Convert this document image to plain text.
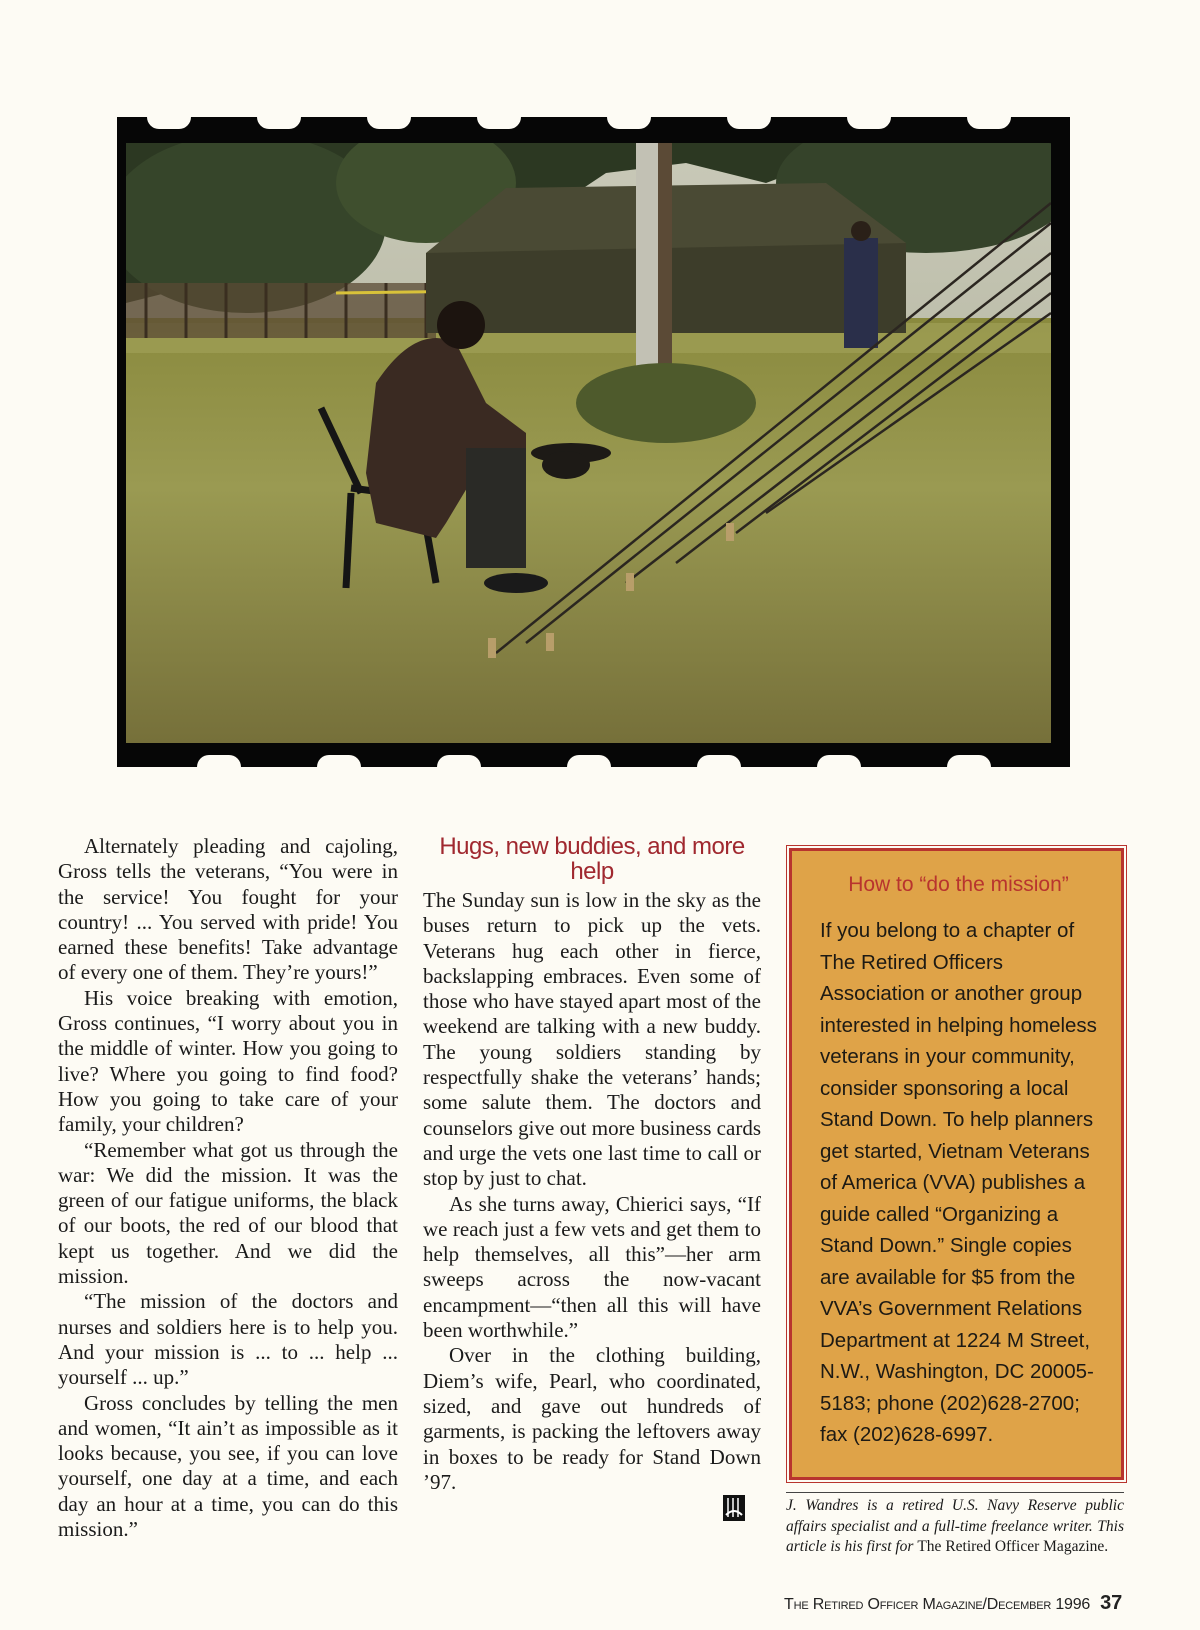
Alternately pleading and cajoling, Gross tells the veterans, “You were in the service! You fought for your country! ... You served with pride! You earned these benefits! Take advantage of every one of them. They’re yours!”

His voice breaking with emotion, Gross continues, “I worry about you in the middle of winter. How you going to live? Where you going to find food? How you going to take care of your family, your children?

“Remember what got us through the war: We did the mission. It was the green of our fatigue uniforms, the black of our boots, the red of our blood that kept us together. And we did the mission.

“The mission of the doctors and nurses and soldiers here is to help you. And your mission is ... to ... help ... yourself ... up.”

Gross concludes by telling the men and women, “It ain’t as impossible as it looks because, you see, if you can love yourself, one day at a time, and each day an hour at a time, you can do this mission.”

Hugs, new buddies, and more help

The Sunday sun is low in the sky as the buses return to pick up the vets. Veterans hug each other in fierce, backslapping embraces. Even some of those who have stayed apart most of the weekend are talking with a new buddy. The young soldiers standing by respectfully shake the veterans’ hands; some salute them. The doctors and counselors give out more business cards and urge the vets one last time to call or stop by just to chat.

As she turns away, Chierici says, “If we reach just a few vets and get them to help themselves, all this”—her arm sweeps across the now-vacant encampment—“then all this will have been worthwhile.”

Over in the clothing building, Diem’s wife, Pearl, who coordinated, sized, and gave out hundreds of garments, is packing the leftovers away in boxes to be ready for Stand Down ’97.

How to “do the mission”

If you belong to a chapter of The Retired Officers Association or another group interested in helping homeless veterans in your community, consider sponsoring a local Stand Down. To help planners get started, Vietnam Veterans of America (VVA) publishes a guide called “Organizing a Stand Down.” Single copies are available for $5 from the VVA’s Government Relations Department at 1224 M Street, N.W., Washington, DC 20005-5183; phone (202)628-2700; fax (202)628-6997.

J. Wandres is a retired U.S. Navy Reserve public affairs specialist and a full-time freelance writer. This article is his first for The Retired Officer Magazine.
The Retired Officer Magazine/December 1996 37
